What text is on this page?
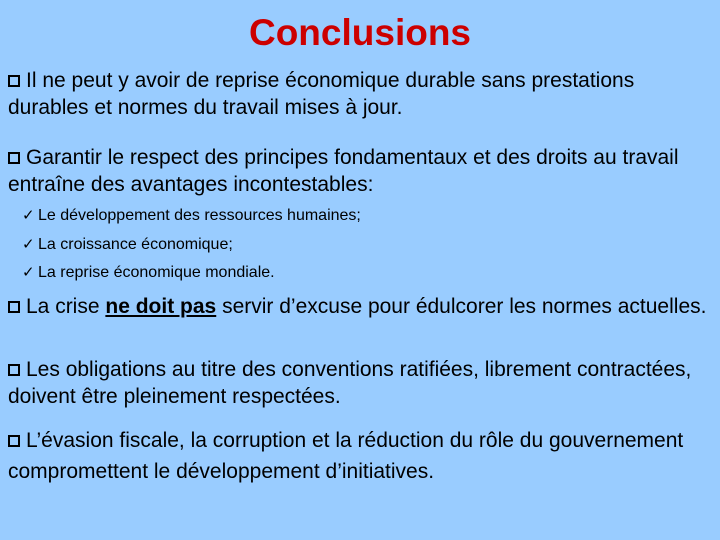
Conclusions
Il ne peut y avoir de reprise économique durable sans prestations durables et normes du travail mises à jour.
Garantir le respect des principes fondamentaux et des droits au travail entraîne des avantages incontestables:
✓ Le développement des ressources humaines;
✓ La croissance économique;
✓ La reprise économique mondiale.
La crise ne doit pas servir d’excuse pour édulcorer les normes actuelles.
Les obligations au titre des conventions ratifiées, librement contractées, doivent être pleinement respectées.
L’évasion fiscale, la corruption et la réduction du rôle du gouvernement compromettent le développement d’initiatives.
